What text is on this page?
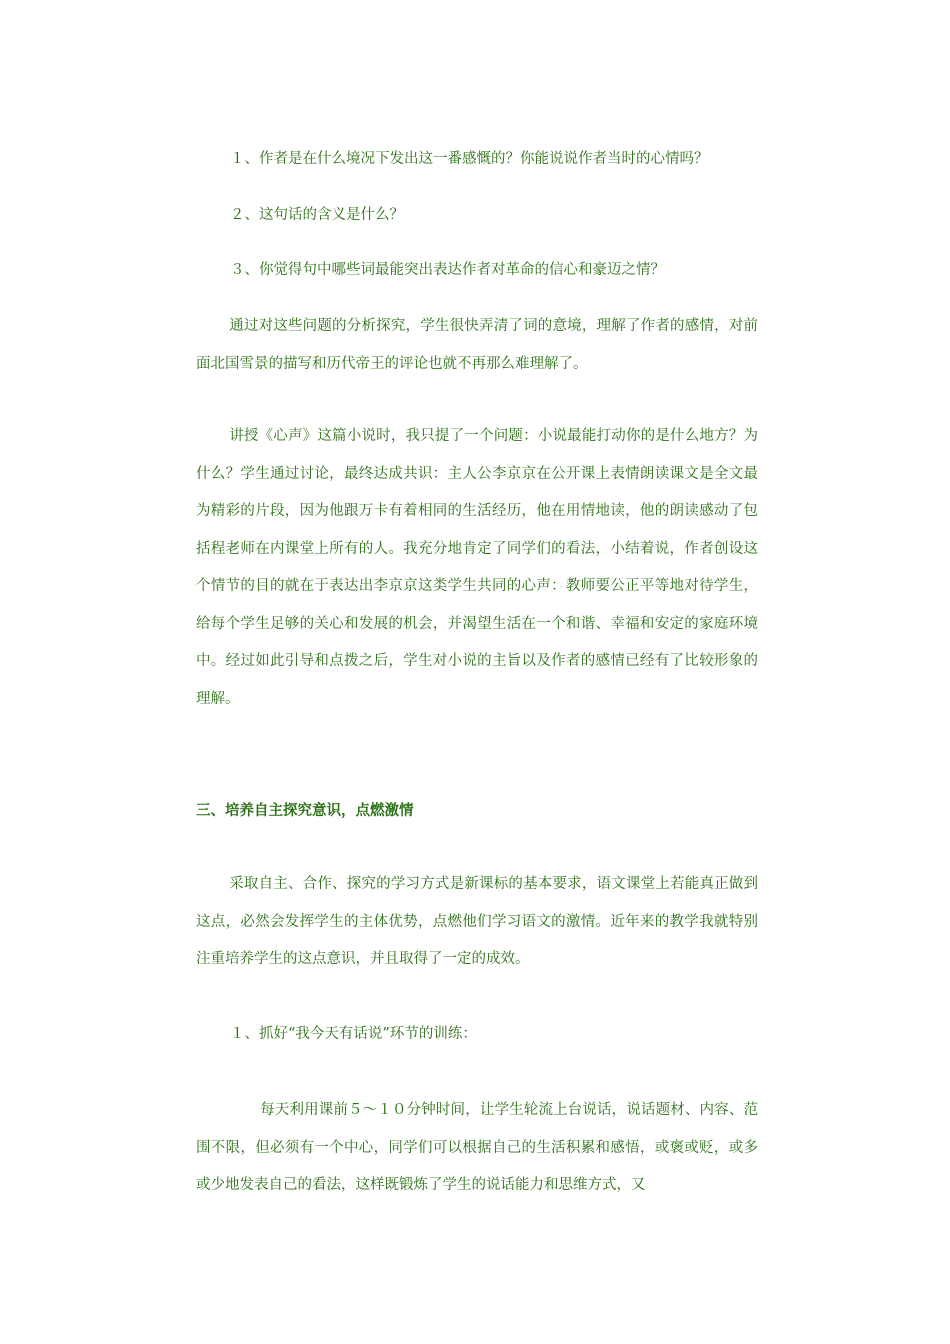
１、作者是在什么境况下发出这一番感慨的？你能说说作者当时的心情吗？
２、这句话的含义是什么？
３、你觉得句中哪些词最能突出表达作者对革命的信心和豪迈之情？
通过对这些问题的分析探究，学生很快弄清了词的意境，理解了作者的感情，对前面北国雪景的描写和历代帝王的评论也就不再那么难理解了。
讲授《心声》这篇小说时，我只提了一个问题：小说最能打动你的是什么地方？为什么？学生通过讨论，最终达成共识：主人公李京京在公开课上表情朗读课文是全文最为精彩的片段，因为他跟万卡有着相同的生活经历，他在用情地读，他的朗读感动了包括程老师在内课堂上所有的人。我充分地肯定了同学们的看法，小结着说，作者创设这个情节的目的就在于表达出李京京这类学生共同的心声：教师要公正平等地对待学生，给每个学生足够的关心和发展的机会，并渴望生活在一个和谐、幸福和安定的家庭环境中。经过如此引导和点拨之后，学生对小说的主旨以及作者的感情已经有了比较形象的理解。
三、培养自主探究意识，点燃激情
采取自主、合作、探究的学习方式是新课标的基本要求，语文课堂上若能真正做到这点，必然会发挥学生的主体优势，点燃他们学习语文的激情。近年来的教学我就特别注重培养学生的这点意识，并且取得了一定的成效。
１、抓好“我今天有话说”环节的训练：
每天利用课前５～１０分钟时间，让学生轮流上台说话，说话题材、内容、范围不限，但必须有一个中心，同学们可以根据自己的生活积累和感悟，或褒或贬，或多或少地发表自己的看法，这样既锻炼了学生的说话能力和思维方式，又
